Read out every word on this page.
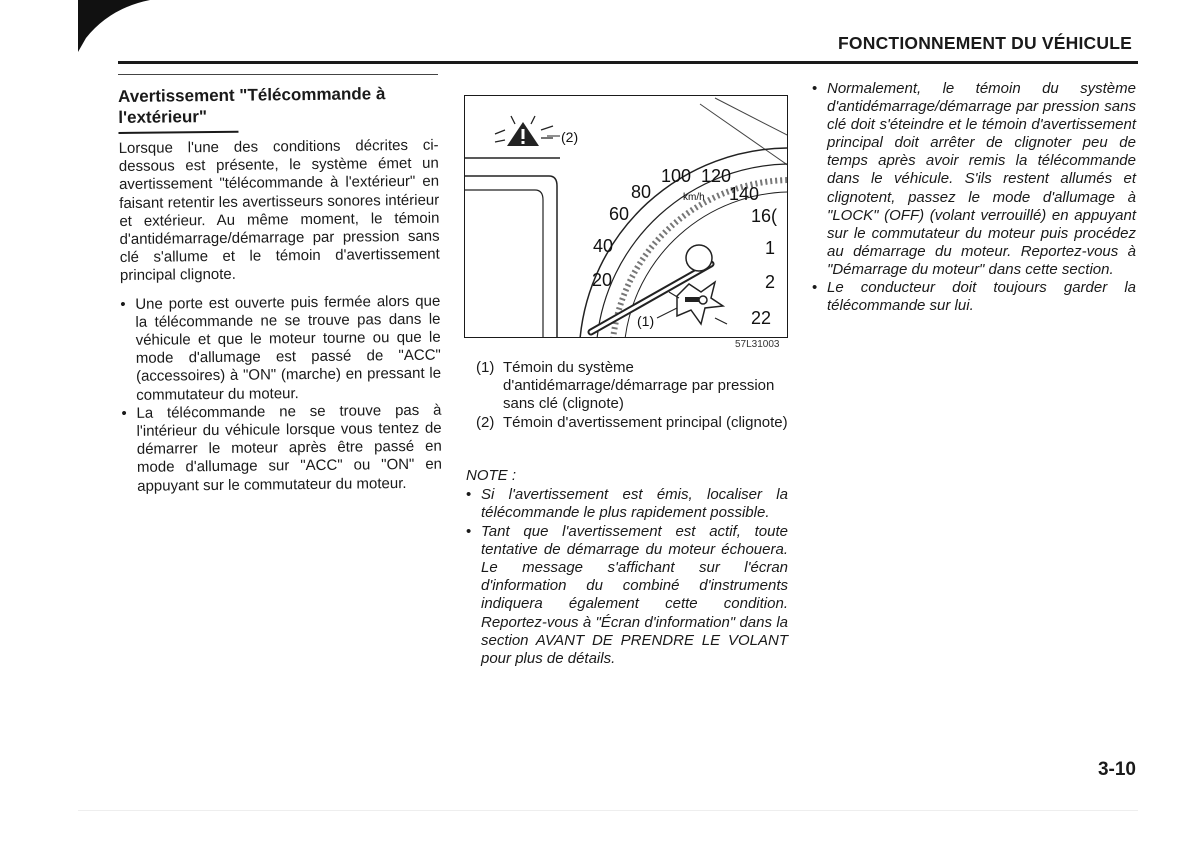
FONCTIONNEMENT DU VÉHICULE
Avertissement "Télécommande à
l'extérieur"

Lorsque l'une des conditions décrites ci-dessous est présente, le système émet un avertissement "télécommande à l'extérieur" en faisant retentir les avertisseurs sonores intérieur et extérieur. Au même moment, le témoin d'antidémarrage/démarrage par pression sans clé s'allume et le témoin d'avertissement principal clignote.

• Une porte est ouverte puis fermée alors que la télécommande ne se trouve pas dans le véhicule et que le moteur tourne ou que le mode d'allumage est passé de "ACC" (accessoires) à "ON" (marche) en pressant le commutateur du moteur.
• La télécommande ne se trouve pas à l'intérieur du véhicule lorsque vous tentez de démarrer le moteur après être passé en mode d'allumage sur "ACC" ou "ON" en appuyant sur le commutateur du moteur.
(2)
(1)
20
40
60
80
100 120
140
16(
1
2
22
km/h
57L31003
(1) Témoin du système d'antidémarrage/démarrage par pression sans clé (clignote)
(2) Témoin d'avertissement principal (clignote)
NOTE :
• Si l'avertissement est émis, localiser la télécommande le plus rapidement possible.
• Tant que l'avertissement est actif, toute tentative de démarrage du moteur échouera. Le message s'affichant sur l'écran d'information du combiné d'instruments indiquera également cette condition. Reportez-vous à "Écran d'information" dans la section AVANT DE PRENDRE LE VOLANT pour plus de détails.
• Normalement, le témoin du système d'antidémarrage/démarrage par pression sans clé doit s'éteindre et le témoin d'avertissement principal doit arrêter de clignoter peu de temps après avoir remis la télécommande dans le véhicule. S'ils restent allumés et clignotent, passez le mode d'allumage à "LOCK" (OFF) (volant verrouillé) en appuyant sur le commutateur du moteur puis procédez au démarrage du moteur. Reportez-vous à "Démarrage du moteur" dans cette section.
• Le conducteur doit toujours garder la télécommande sur lui.
3-10
